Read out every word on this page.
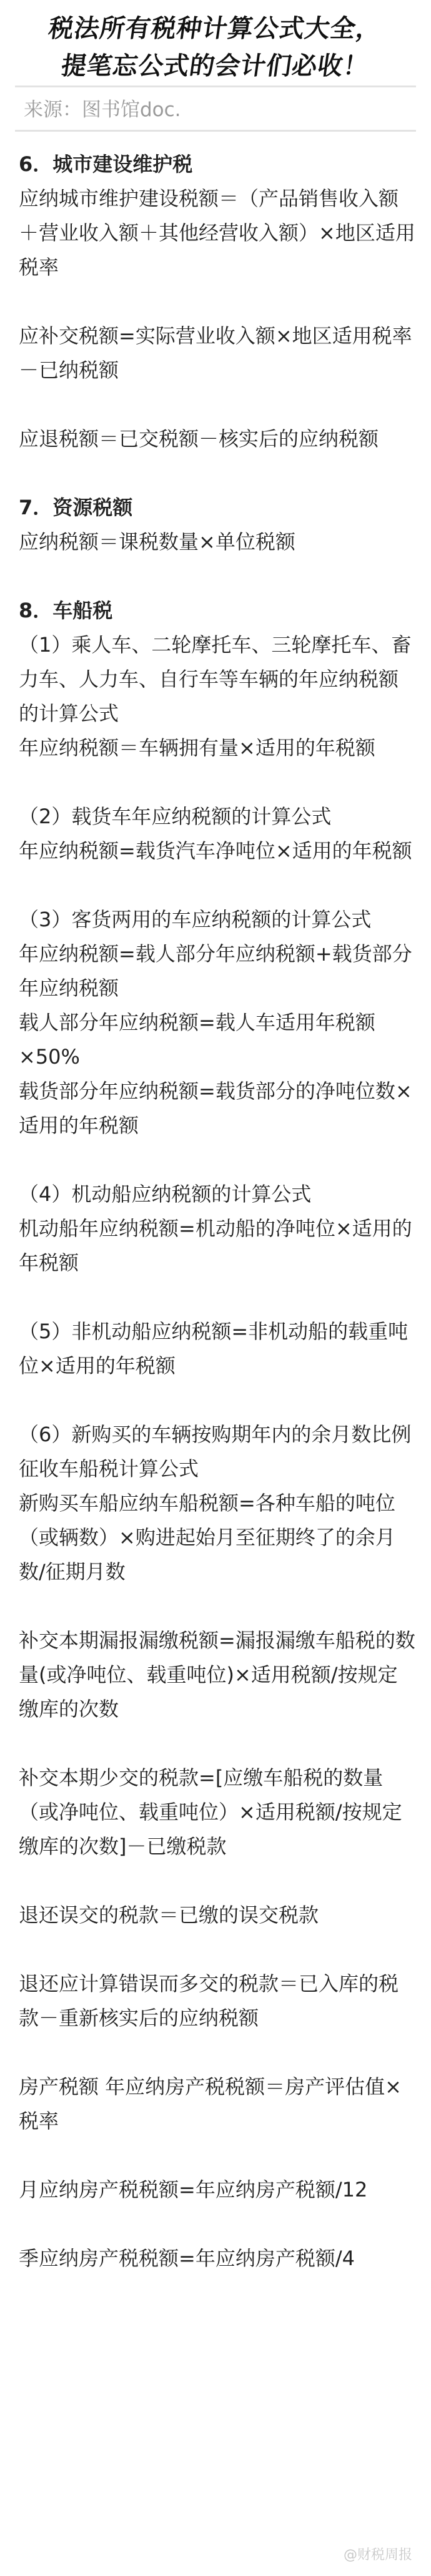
税法所有税种计算公式大全，
提笔忘公式的会计们必收！
来源：图书馆doc.

6．城市建设维护税

应纳城市维护建设税额＝（产品销售收入额＋营业收入额＋其他经营收入额）×地区适用税率

应补交税额=实际营业收入额×地区适用税率－已纳税额

应退税额＝已交税额－核实后的应纳税额

7．资源税额

应纳税额＝课税数量×单位税额

8．车船税

（1）乘人车、二轮摩托车、三轮摩托车、畜力车、人力车、自行车等车辆的年应纳税额的计算公式

年应纳税额＝车辆拥有量×适用的年税额

（2）载货车年应纳税额的计算公式

年应纳税额=载货汽车净吨位×适用的年税额

（3）客货两用的车应纳税额的计算公式

年应纳税额=载人部分年应纳税额+载货部分年应纳税额

载人部分年应纳税额=载人车适用年税额×50%

载货部分年应纳税额=载货部分的净吨位数×适用的年税额

（4）机动船应纳税额的计算公式

机动船年应纳税额=机动船的净吨位×适用的年税额

（5）非机动船应纳税额=非机动船的载重吨位×适用的年税额

（6）新购买的车辆按购期年内的余月数比例征收车船税计算公式

新购买车船应纳车船税额=各种车船的吨位（或辆数）×购进起始月至征期终了的余月数/征期月数

补交本期漏报漏缴税额=漏报漏缴车船税的数量(或净吨位、载重吨位)×适用税额/按规定缴库的次数

补交本期少交的税款=[应缴车船税的数量（或净吨位、载重吨位）×适用税额/按规定缴库的次数]－已缴税款

退还误交的税款＝已缴的误交税款

退还应计算错误而多交的税款＝已入库的税款－重新核实后的应纳税额

房产税额 年应纳房产税税额＝房产评估值×税率

月应纳房产税税额=年应纳房产税额/12

季应纳房产税税额=年应纳房产税额/4

@财税周报
